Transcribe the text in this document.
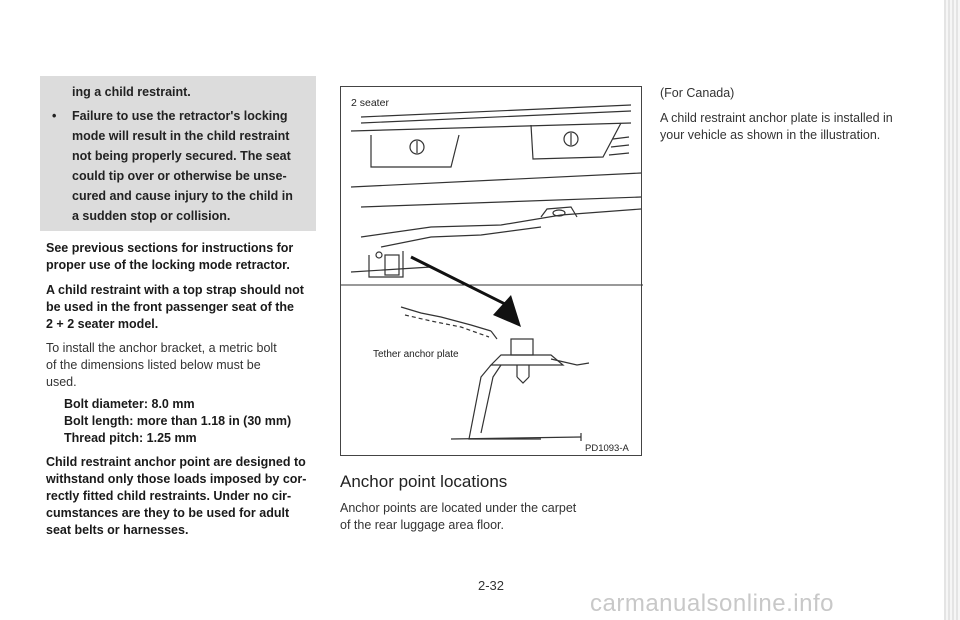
ing a child restraint.

• Failure to use the retractor's locking

mode will result in the child restraint

not being properly secured. The seat

could tip over or otherwise be unse-

cured and cause injury to the child in

a sudden stop or collision.

See previous sections for instructions for
proper use of the locking mode retractor.
A child restraint with a top strap should not
be used in the front passenger seat of the
2 + 2 seater model.
To install the anchor bracket, a metric bolt
of the dimensions listed below must be
used.
Bolt diameter: 8.0 mm
Bolt length: more than 1.18 in (30 mm)
Thread pitch: 1.25 mm
Child restraint anchor point are designed to
withstand only those loads imposed by cor-
rectly fitted child restraints. Under no cir-
cumstances are they to be used for adult
seat belts or harnesses.
2 seater
Tether anchor plate
PD1093-A
Anchor point locations
Anchor points are located under the carpet
of the rear luggage area floor.
(For Canada)
A child restraint anchor plate is installed in
your vehicle as shown in the illustration.
2-32
carmanualsonline.info
